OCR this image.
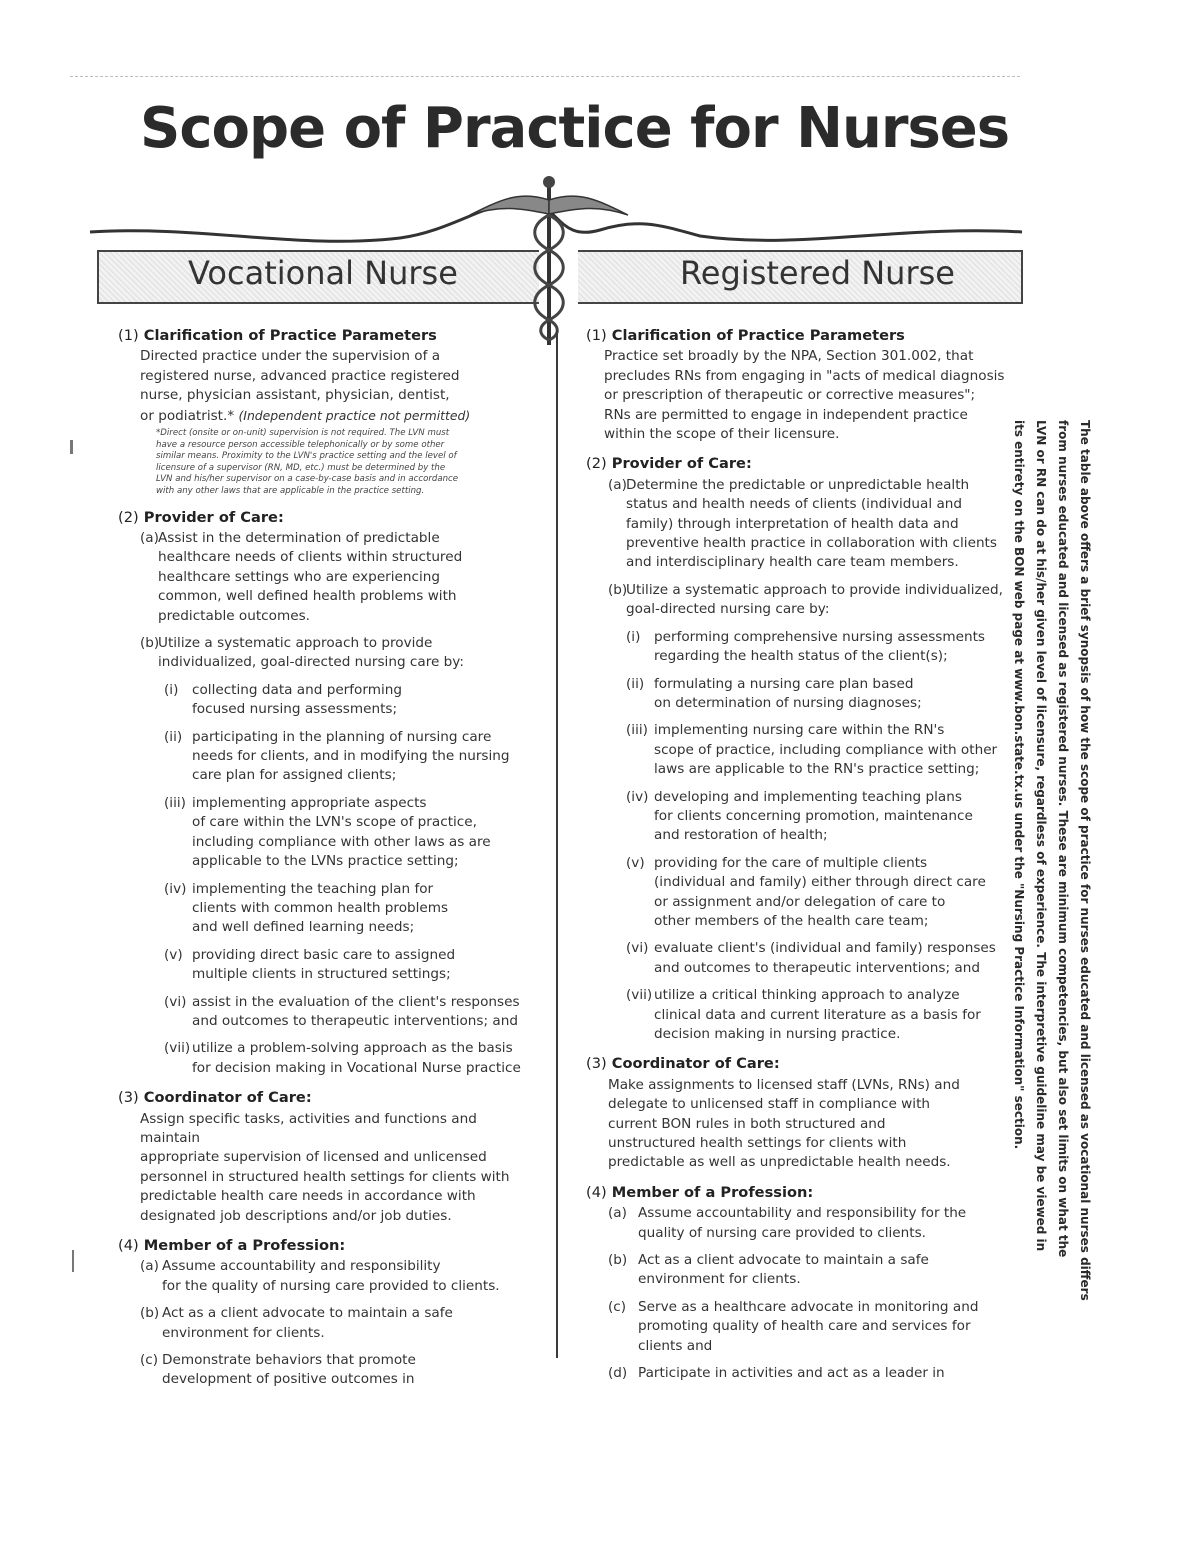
Scope of Practice for Nurses
Vocational Nurse	Registered Nurse

(1) Clarification of Practice Parameters

Directed practice under the supervision of a
registered nurse, advanced practice registered
nurse, physician assistant, physician, dentist,

or podiatrist.* (Independent practice not permitted)

*Direct (onsite or on-unit) supervision is not required. The LVN must
have a resource person accessible telephonically or by some other
similar means. Proximity to the LVN's practice setting and the level of
licensure of a supervisor (RN, MD, etc.) must be determined by the
LVN and his/her supervisor on a case-by-case basis and in accordance
with any other laws that are applicable in the practice setting.

(2) Provider of Care:

(a) Assist in the determination of predictable
healthcare needs of clients within structured
healthcare settings who are experiencing
common, well defined health problems with
predictable outcomes.
(b)
Utilize a systematic approach to provide
individualized, goal-directed nursing care by:
(i)	collecting data and performing
focused nursing assessments;
(ii) participating in the planning of nursing care
needs for clients, and in modifying the nursing
care plan for assigned clients;
(iii) implementing appropriate aspects
of care within the LVN's scope of practice,
including compliance with other laws as are
applicable to the LVNs practice setting;
(iv) implementing the teaching plan for
clients with common health problems
and well defined learning needs;
(v) providing direct basic care to assigned
multiple clients in structured settings;
(vi) assist in the evaluation of the client's responses
and outcomes to therapeutic interventions; and
(vii) utilize a problem-solving approach as the basis
for decision making in Vocational Nurse practice

(3) Coordinator of Care:

Assign specific tasks, activities and functions and maintain
appropriate supervision of licensed and unlicensed
personnel in structured health settings for clients with
predictable health care needs in accordance with
designated job descriptions and/or job duties.

(4) Member of a Profession:

(a) Assume accountability and responsibility
for the quality of nursing care provided to clients.
(b) Act as a client advocate to maintain a safe
environment for clients.
(c) Demonstrate behaviors that promote
development of positive outcomes in

(1) Clarification of Practice Parameters

Practice set broadly by the NPA, Section 301.002, that
precludes RNs from engaging in "acts of medical diagnosis
or prescription of therapeutic or corrective measures";
RNs are permitted to engage in independent practice
within the scope of their licensure.

(2) Provider of Care:

(a) Determine the predictable or unpredictable health
status and health needs of clients (individual and
family) through interpretation of health data and
preventive health practice in collaboration with clients
and interdisciplinary health care team members.
(b)
Utilize a systematic approach to provide individualized,
goal-directed nursing care by:
(i)	performing comprehensive nursing assessments
regarding the health status of the client(s);
(ii) formulating a nursing care plan based
on determination of nursing diagnoses;
(iii) implementing nursing care within the RN's
scope of practice, including compliance with other
laws are applicable to the RN's practice setting;
(iv) developing and implementing teaching plans
for clients concerning promotion, maintenance
and restoration of health;
(v) providing for the care of multiple clients
(individual and family) either through direct care
or assignment and/or delegation of care to
other members of the health care team;
(vi) evaluate client's (individual and family) responses
and outcomes to therapeutic interventions; and
(vii) utilize a critical thinking approach to analyze
clinical data and current literature as a basis for
decision making in nursing practice.

(3) Coordinator of Care:

Make assignments to licensed staff (LVNs, RNs) and
delegate to unlicensed staff in compliance with
current BON rules in both structured and
unstructured health settings for clients with
predictable as well as unpredictable health needs.

(4) Member of a Profession:

(a) Assume accountability and responsibility for the
quality of nursing care provided to clients.
(b) Act as a client advocate to maintain a safe
environment for clients.
(c) Serve as a healthcare advocate in monitoring and
promoting quality of health care and services for
clients and
(d) Participate in activities and act as a leader in
The table above offers a brief synopsis of how the scope of practice for nurses educated and licensed as vocational nurses differs
from nurses educated and licensed as registered nurses. These are minimum competencies, but also set limits on what the
LVN or RN can do at his/her given level of licensure, regardless of experience. The interpretive guideline may be viewed in
its entirety on the BON web page at www.bon.state.tx.us under the "Nursing Practice Information" section.
